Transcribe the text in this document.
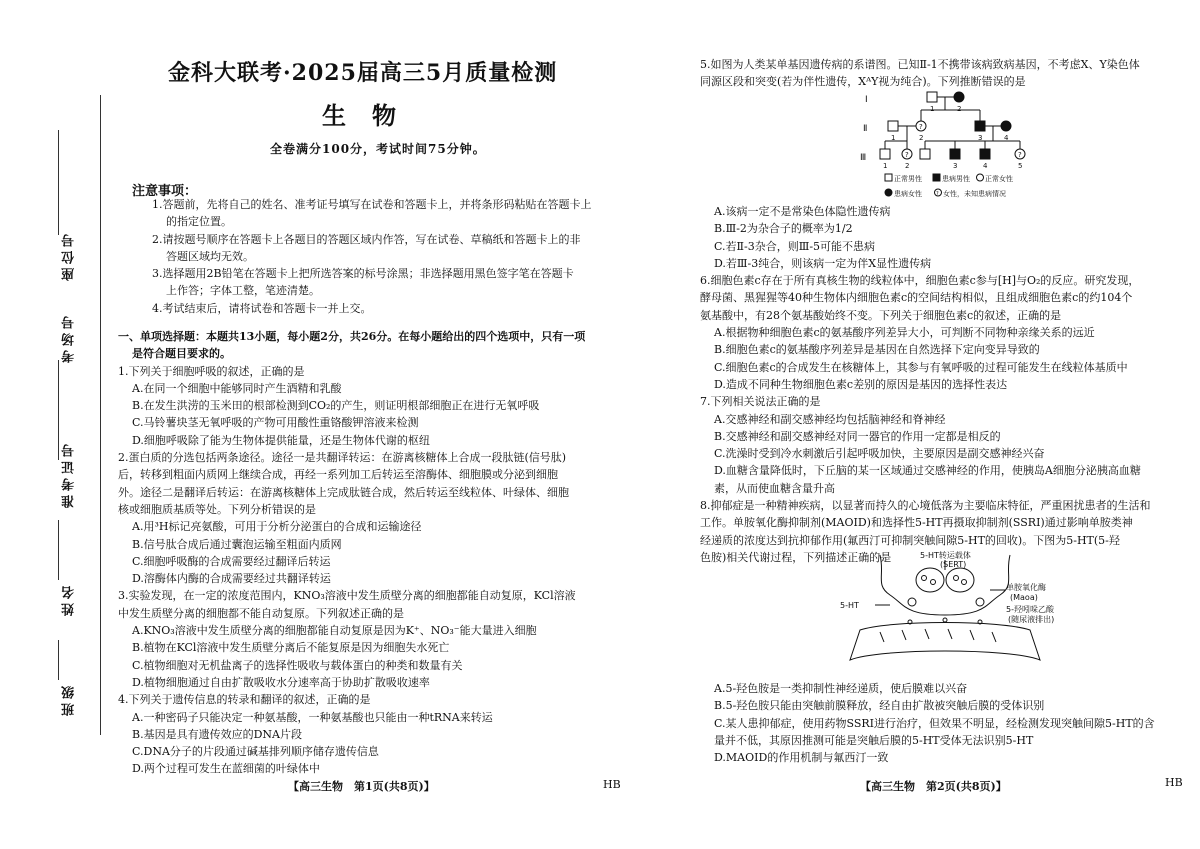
座位号
考场号
准考证号
姓名
班级
金科大联考·2025届高三5月质量检测
生物
全卷满分100分，考试时间75分钟。
注意事项：

1.答题前，先将自己的姓名、准考证号填写在试卷和答题卡上，并将条形码粘贴在答题卡上

的指定位置。

2.请按题号顺序在答题卡上各题目的答题区域内作答，写在试卷、草稿纸和答题卡上的非

答题区域均无效。

3.选择题用2B铅笔在答题卡上把所选答案的标号涂黑；非选择题用黑色签字笔在答题卡

上作答；字体工整，笔迹清楚。

4.考试结束后，请将试卷和答题卡一并上交。

一、单项选择题：本题共13小题，每小题2分，共26分。在每小题给出的四个选项中，只有一项

是符合题目要求的。

1.下列关于细胞呼吸的叙述，正确的是

A.在同一个细胞中能够同时产生酒精和乳酸

B.在发生洪涝的玉米田的根部检测到CO₂的产生，则证明根部细胞正在进行无氧呼吸

C.马铃薯块茎无氧呼吸的产物可用酸性重铬酸钾溶液来检测

D.细胞呼吸除了能为生物体提供能量，还是生物体代谢的枢纽

2.蛋白质的分选包括两条途径。途径一是共翻译转运：在游离核糖体上合成一段肽链(信号肽)

后，转移到粗面内质网上继续合成，再经一系列加工后转运至溶酶体、细胞膜或分泌到细胞

外。途径二是翻译后转运：在游离核糖体上完成肽链合成，然后转运至线粒体、叶绿体、细胞

核或细胞质基质等处。下列分析错误的是

A.用³H标记亮氨酸，可用于分析分泌蛋白的合成和运输途径

B.信号肽合成后通过囊泡运输至粗面内质网

C.细胞呼吸酶的合成需要经过翻译后转运

D.溶酶体内酶的合成需要经过共翻译转运

3.实验发现，在一定的浓度范围内，KNO₃溶液中发生质壁分离的细胞都能自动复原，KCl溶液

中发生质壁分离的细胞都不能自动复原。下列叙述正确的是

A.KNO₃溶液中发生质壁分离的细胞都能自动复原是因为K⁺、NO₃⁻能大量进入细胞

B.植物在KCl溶液中发生质壁分离后不能复原是因为细胞失水死亡

C.植物细胞对无机盐离子的选择性吸收与载体蛋白的种类和数量有关

D.植物细胞通过自由扩散吸收水分速率高于协助扩散吸收速率

4.下列关于遗传信息的转录和翻译的叙述，正确的是

A.一种密码子只能决定一种氨基酸，一种氨基酸也只能由一种tRNA来转运

B.基因是具有遗传效应的DNA片段

C.DNA分子的片段通过碱基排列顺序储存遗传信息

D.两个过程可发生在蓝细菌的叶绿体中

【高三生物　第1页(共8页)】	HB

5.如图为人类某单基因遗传病的系谱图。已知Ⅱ-1不携带该病致病基因，不考虑X、Y染色体

同源区段和突变(若为伴性遗传，XᴬY视为纯合)。下列推断错误的是

Ⅰ
Ⅱ
Ⅲ
1	2
1	2	3	4
1	2	3	4	5
?
?	?
正常男性	患病男性 正常女性
患病女性	女性，未知患病情况
?

A.该病一定不是常染色体隐性遗传病

B.Ⅲ-2为杂合子的概率为1/2

C.若Ⅱ-3杂合，则Ⅲ-5可能不患病

D.若Ⅲ-3纯合，则该病一定为伴X显性遗传病

6.细胞色素c存在于所有真核生物的线粒体中，细胞色素c参与[H]与O₂的反应。研究发现，

酵母菌、黑猩猩等40种生物体内细胞色素c的空间结构相似，且组成细胞色素c的约104个

氨基酸中，有28个氨基酸始终不变。下列关于细胞色素c的叙述，正确的是

A.根据物种细胞色素c的氨基酸序列差异大小，可判断不同物种亲缘关系的远近

B.细胞色素c的氨基酸序列差异是基因在自然选择下定向变异导致的

C.细胞色素c的合成发生在核糖体上，其参与有氧呼吸的过程可能发生在线粒体基质中

D.造成不同种生物细胞色素c差别的原因是基因的选择性表达

7.下列相关说法正确的是

A.交感神经和副交感神经均包括脑神经和脊神经

B.交感神经和副交感神经对同一器官的作用一定都是相反的

C.洗澡时受到冷水刺激后引起呼吸加快，主要原因是副交感神经兴奋

D.血糖含量降低时，下丘脑的某一区域通过交感神经的作用，使胰岛A细胞分泌胰高血糖

素，从而使血糖含量升高

8.抑郁症是一种精神疾病，以显著而持久的心境低落为主要临床特征，严重困扰患者的生活和

工作。单胺氧化酶抑制剂(MAOID)和选择性5-HT再摄取抑制剂(SSRI)通过影响单胺类神

经递质的浓度达到抗抑郁作用(氟西汀可抑制突触间隙5-HT的回收)。下图为5-HT(5-羟

色胺)相关代谢过程，下列描述正确的是	5-HT转运载体
(SERT)
单胺氧化酶
(Maoa)
5-HT	5-羟吲哚乙酸
(随尿液排出)

A.5-羟色胺是一类抑制性神经递质，使后膜难以兴奋

B.5-羟色胺只能由突触前膜释放，经自由扩散被突触后膜的受体识别

C.某人患抑郁症，使用药物SSRI进行治疗，但效果不明显，经检测发现突触间隙5-HT的含

量并不低，其原因推测可能是突触后膜的5-HT受体无法识别5-HT

D.MAOID的作用机制与氟西汀一致

【高三生物　第2页(共8页)】	HB
